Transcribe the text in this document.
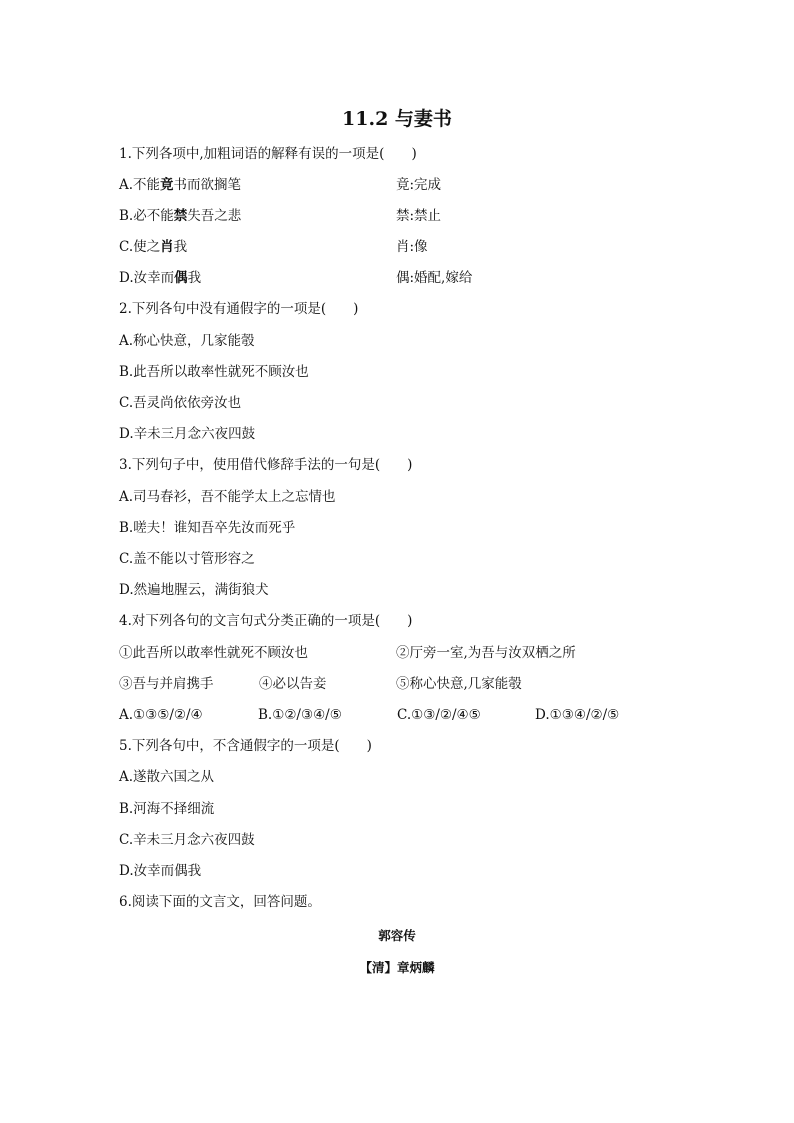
11.2 与妻书
1.下列各项中,加粗词语的解释有误的一项是(　　)
A.不能竟书而欲搁笔	竟:完成
B.必不能禁失吾之悲	禁:禁止
C.使之肖我	肖:像
D.汝幸而偶我	偶:婚配,嫁给
2.下列各句中没有通假字的一项是(　　)
A.称心快意，几家能彀
B.此吾所以敢率性就死不顾汝也
C.吾灵尚依依旁汝也
D.辛未三月念六夜四鼓
3.下列句子中，使用借代修辞手法的一句是(　　)
A.司马春衫，吾不能学太上之忘情也
B.嗟夫！谁知吾卒先汝而死乎
C.盖不能以寸管形容之
D.然遍地腥云，满街狼犬
4.对下列各句的文言句式分类正确的一项是(　　)
①此吾所以敢率性就死不顾汝也	②厅旁一室,为吾与汝双栖之所
③吾与并肩携手	④必以告妾	⑤称心快意,几家能彀
A.①③⑤/②/④	B.①②/③④/⑤	C.①③/②/④⑤	D.①③④/②/⑤
5.下列各句中，不含通假字的一项是(　　)
A.遂散六国之从
B.河海不择细流
C.辛未三月念六夜四鼓
D.汝幸而偶我
6.阅读下面的文言文，回答问题。
郭容传
【清】章炳麟
